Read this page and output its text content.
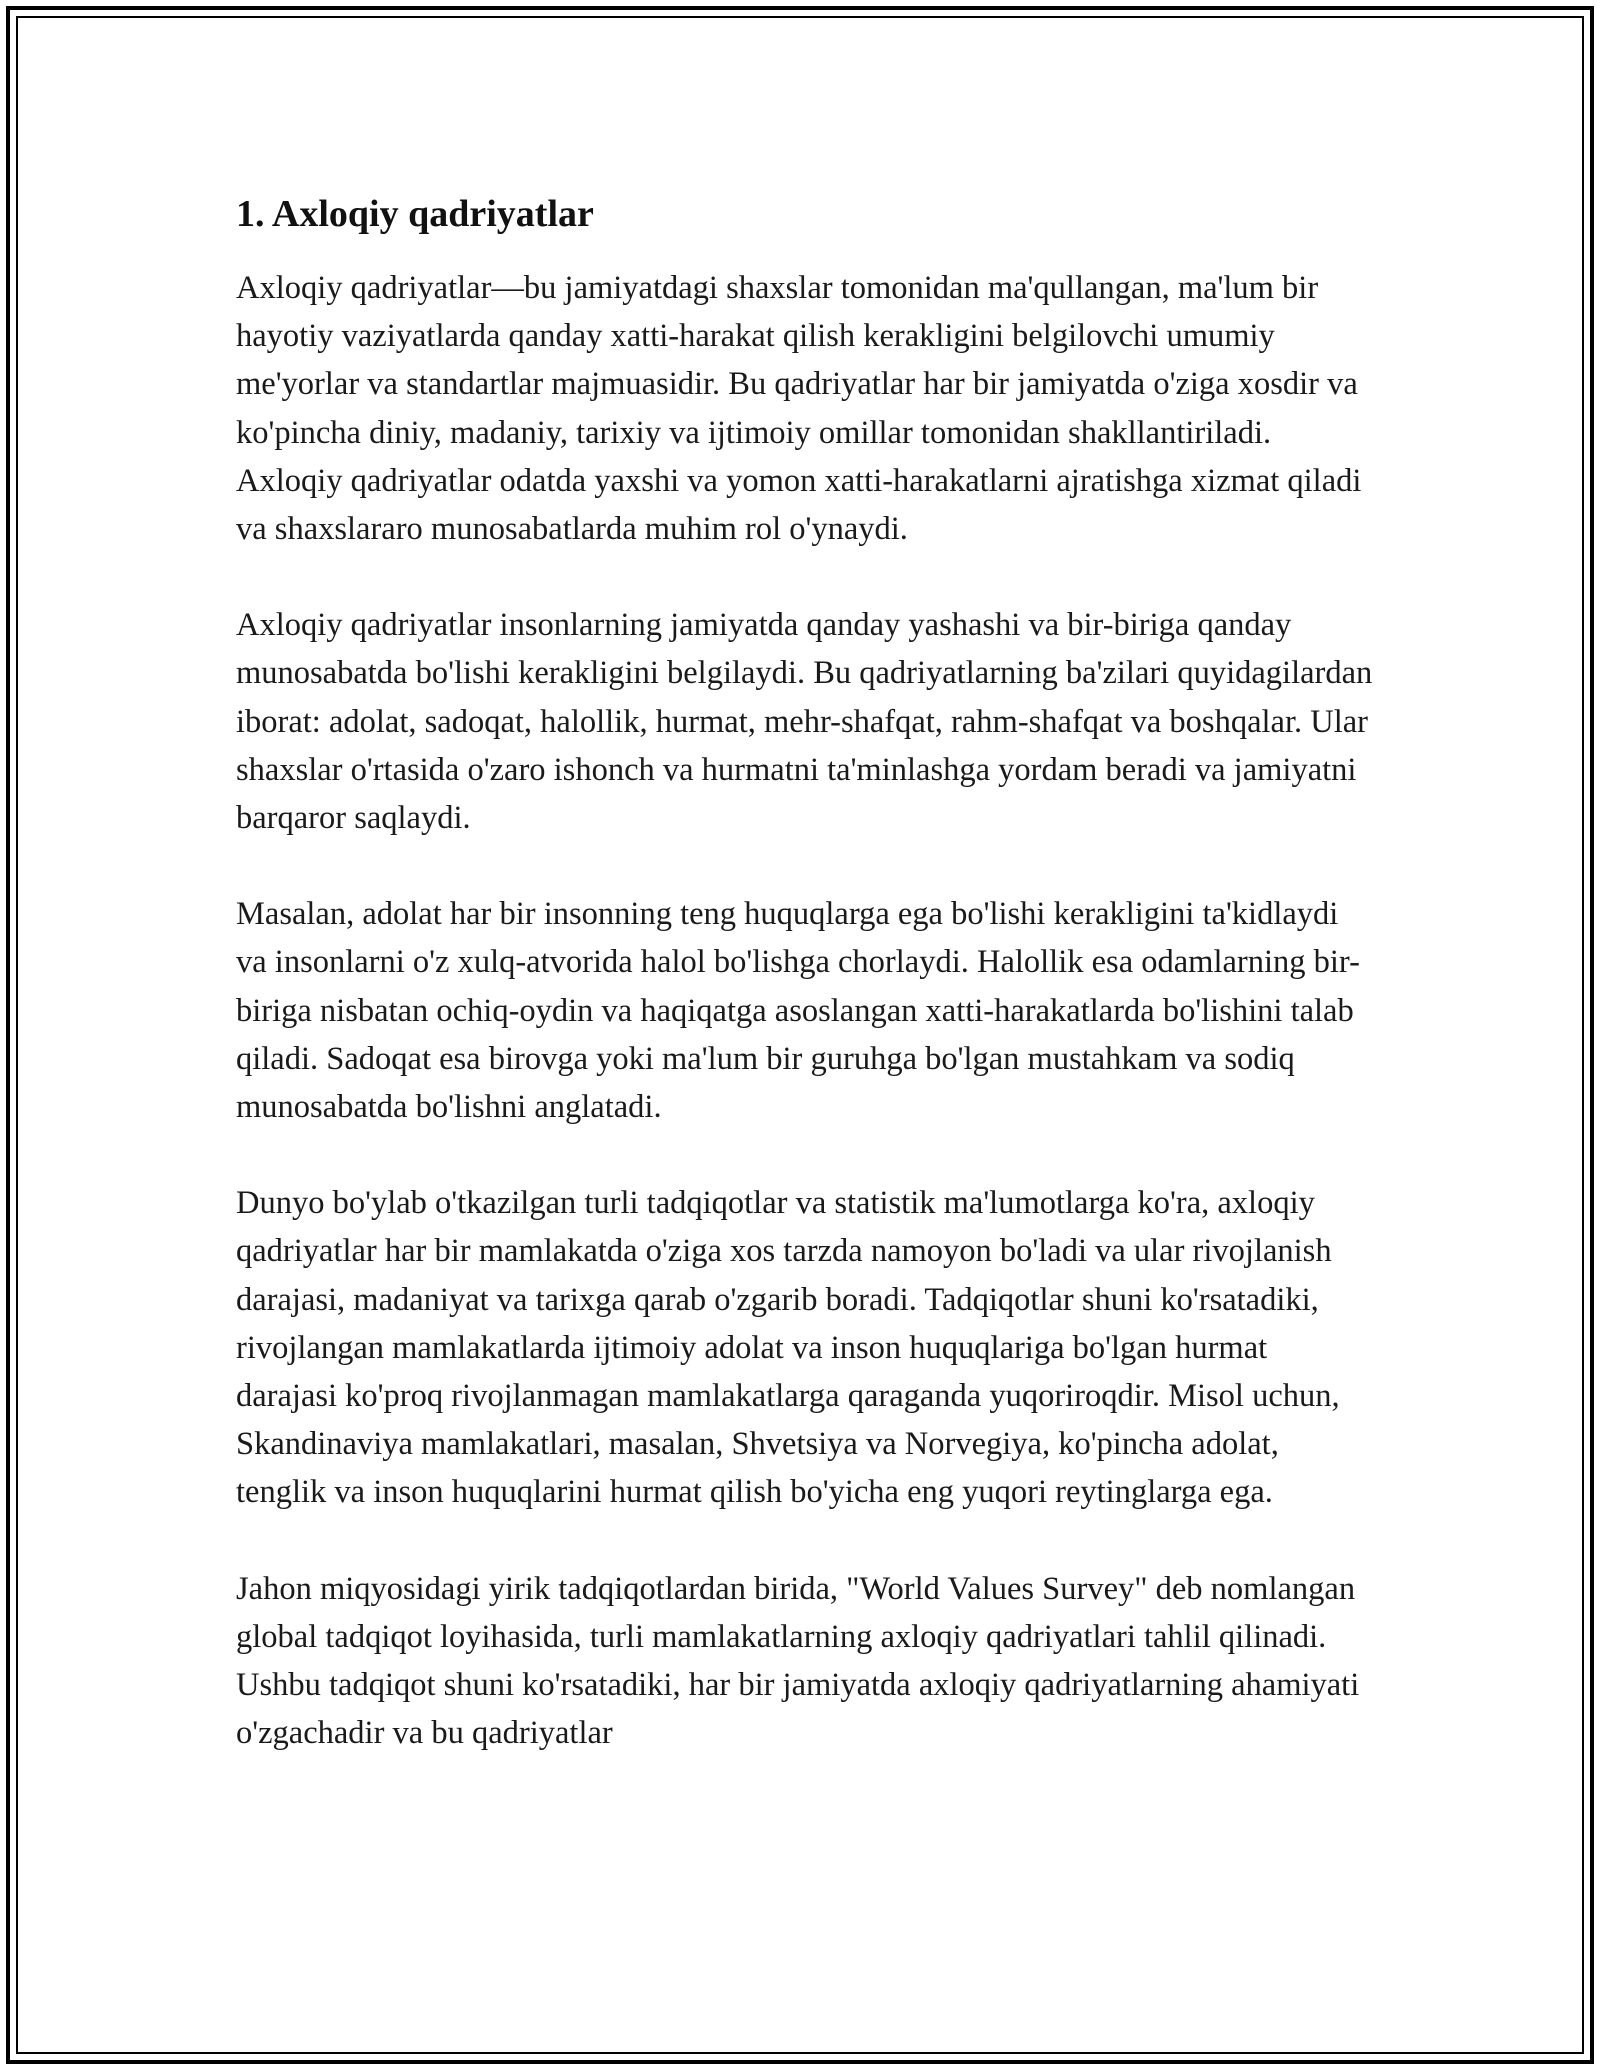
1. Axloqiy qadriyatlar

Axloqiy qadriyatlar—bu jamiyatdagi shaxslar tomonidan ma'qullangan, ma'lum bir hayotiy vaziyatlarda qanday xatti-harakat qilish kerakligini belgilovchi umumiy me'yorlar va standartlar majmuasidir. Bu qadriyatlar har bir jamiyatda o'ziga xosdir va ko'pincha diniy, madaniy, tarixiy va ijtimoiy omillar tomonidan shakllantiriladi. Axloqiy qadriyatlar odatda yaxshi va yomon xatti-harakatlarni ajratishga xizmat qiladi va shaxslararo munosabatlarda muhim rol o'ynaydi.

Axloqiy qadriyatlar insonlarning jamiyatda qanday yashashi va bir-biriga qanday munosabatda bo'lishi kerakligini belgilaydi. Bu qadriyatlarning ba'zilari quyidagilardan iborat: adolat, sadoqat, halollik, hurmat, mehr-shafqat, rahm-shafqat va boshqalar. Ular shaxslar o'rtasida o'zaro ishonch va hurmatni ta'minlashga yordam beradi va jamiyatni barqaror saqlaydi.

Masalan, adolat har bir insonning teng huquqlarga ega bo'lishi kerakligini ta'kidlaydi va insonlarni o'z xulq-atvorida halol bo'lishga chorlaydi. Halollik esa odamlarning bir-biriga nisbatan ochiq-oydin va haqiqatga asoslangan xatti-harakatlarda bo'lishini talab qiladi. Sadoqat esa birovga yoki ma'lum bir guruhga bo'lgan mustahkam va sodiq munosabatda bo'lishni anglatadi.

Dunyo bo'ylab o'tkazilgan turli tadqiqotlar va statistik ma'lumotlarga ko'ra, axloqiy qadriyatlar har bir mamlakatda o'ziga xos tarzda namoyon bo'ladi va ular rivojlanish darajasi, madaniyat va tarixga qarab o'zgarib boradi. Tadqiqotlar shuni ko'rsatadiki, rivojlangan mamlakatlarda ijtimoiy adolat va inson huquqlariga bo'lgan hurmat darajasi ko'proq rivojlanmagan mamlakatlarga qaraganda yuqoriroqdir. Misol uchun, Skandinaviya mamlakatlari, masalan, Shvetsiya va Norvegiya, ko'pincha adolat, tenglik va inson huquqlarini hurmat qilish bo'yicha eng yuqori reytinglarga ega.

Jahon miqyosidagi yirik tadqiqotlardan birida, "World Values Survey" deb nomlangan global tadqiqot loyihasida, turli mamlakatlarning axloqiy qadriyatlari tahlil qilinadi. Ushbu tadqiqot shuni ko'rsatadiki, har bir jamiyatda axloqiy qadriyatlarning ahamiyati o'zgachadir va bu qadriyatlar
